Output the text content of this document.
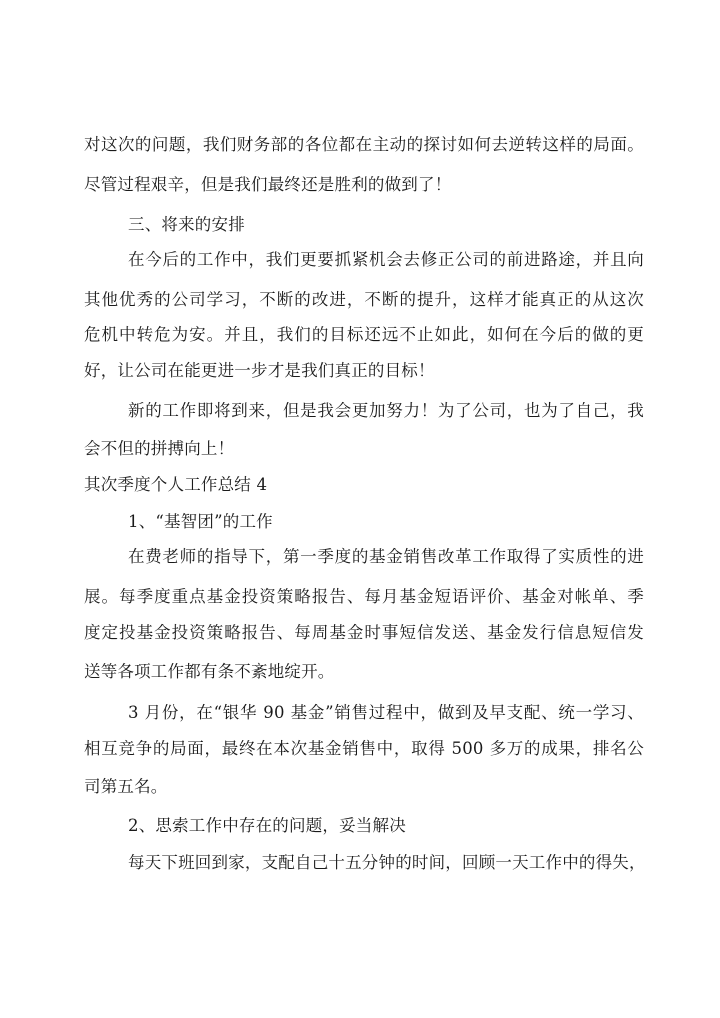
对这次的问题，我们财务部的各位都在主动的探讨如何去逆转这样的局面。
尽管过程艰辛，但是我们最终还是胜利的做到了！
三、将来的安排
在今后的工作中，我们更要抓紧机会去修正公司的前进路途，并且向
其他优秀的公司学习，不断的改进，不断的提升，这样才能真正的从这次
危机中转危为安。并且，我们的目标还远不止如此，如何在今后的做的更
好，让公司在能更进一步才是我们真正的目标！
新的工作即将到来，但是我会更加努力！为了公司，也为了自己，我
会不但的拼搏向上！
其次季度个人工作总结 4
1、“基智团”的工作
在费老师的指导下，第一季度的基金销售改革工作取得了实质性的进
展。每季度重点基金投资策略报告、每月基金短语评价、基金对帐单、季
度定投基金投资策略报告、每周基金时事短信发送、基金发行信息短信发
送等各项工作都有条不紊地绽开。
3 月份，在“银华 90 基金”销售过程中，做到及早支配、统一学习、
相互竞争的局面，最终在本次基金销售中，取得 500 多万的成果，排名公
司第五名。
2、思索工作中存在的问题，妥当解决
每天下班回到家，支配自己十五分钟的时间，回顾一天工作中的得失，
